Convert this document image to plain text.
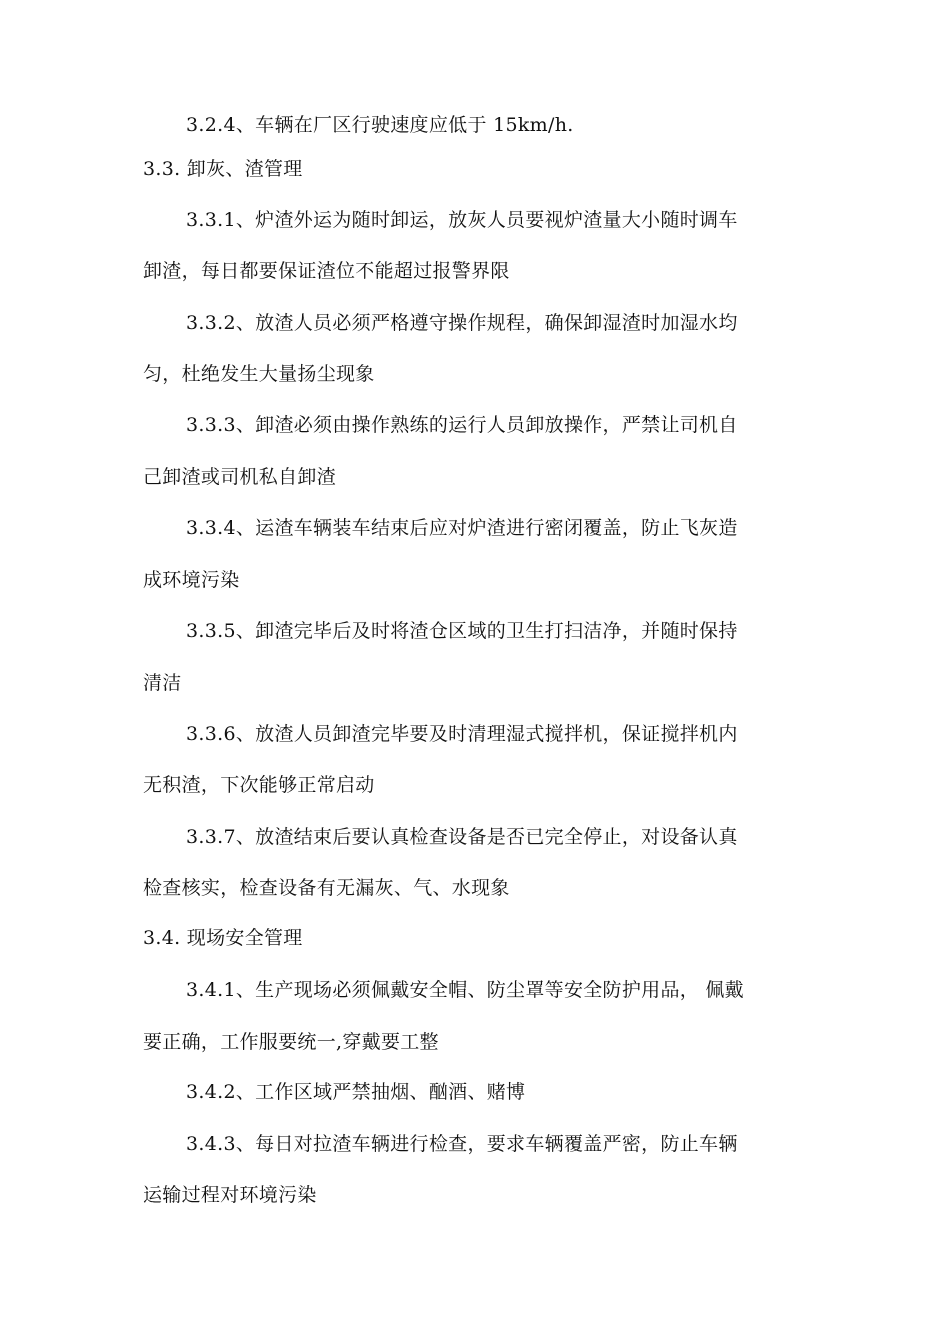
3.2.4、车辆在厂区行驶速度应低于 15km/h.
3.3. 卸灰、渣管理
3.3.1、炉渣外运为随时卸运，放灰人员要视炉渣量大小随时调车
卸渣，每日都要保证渣位不能超过报警界限
3.3.2、放渣人员必须严格遵守操作规程，确保卸湿渣时加湿水均
匀，杜绝发生大量扬尘现象
3.3.3、卸渣必须由操作熟练的运行人员卸放操作，严禁让司机自
己卸渣或司机私自卸渣
3.3.4、运渣车辆装车结束后应对炉渣进行密闭覆盖，防止飞灰造
成环境污染
3.3.5、卸渣完毕后及时将渣仓区域的卫生打扫洁净，并随时保持
清洁
3.3.6、放渣人员卸渣完毕要及时清理湿式搅拌机，保证搅拌机内
无积渣，下次能够正常启动
3.3.7、放渣结束后要认真检查设备是否已完全停止，对设备认真
检查核实，检查设备有无漏灰、气、水现象
3.4. 现场安全管理
3.4.1、生产现场必须佩戴安全帽、防尘罩等安全防护用品， 佩戴
要正确，工作服要统一,穿戴要工整
3.4.2、工作区域严禁抽烟、酗酒、赌博
3.4.3、每日对拉渣车辆进行检查，要求车辆覆盖严密，防止车辆
运输过程对环境污染
